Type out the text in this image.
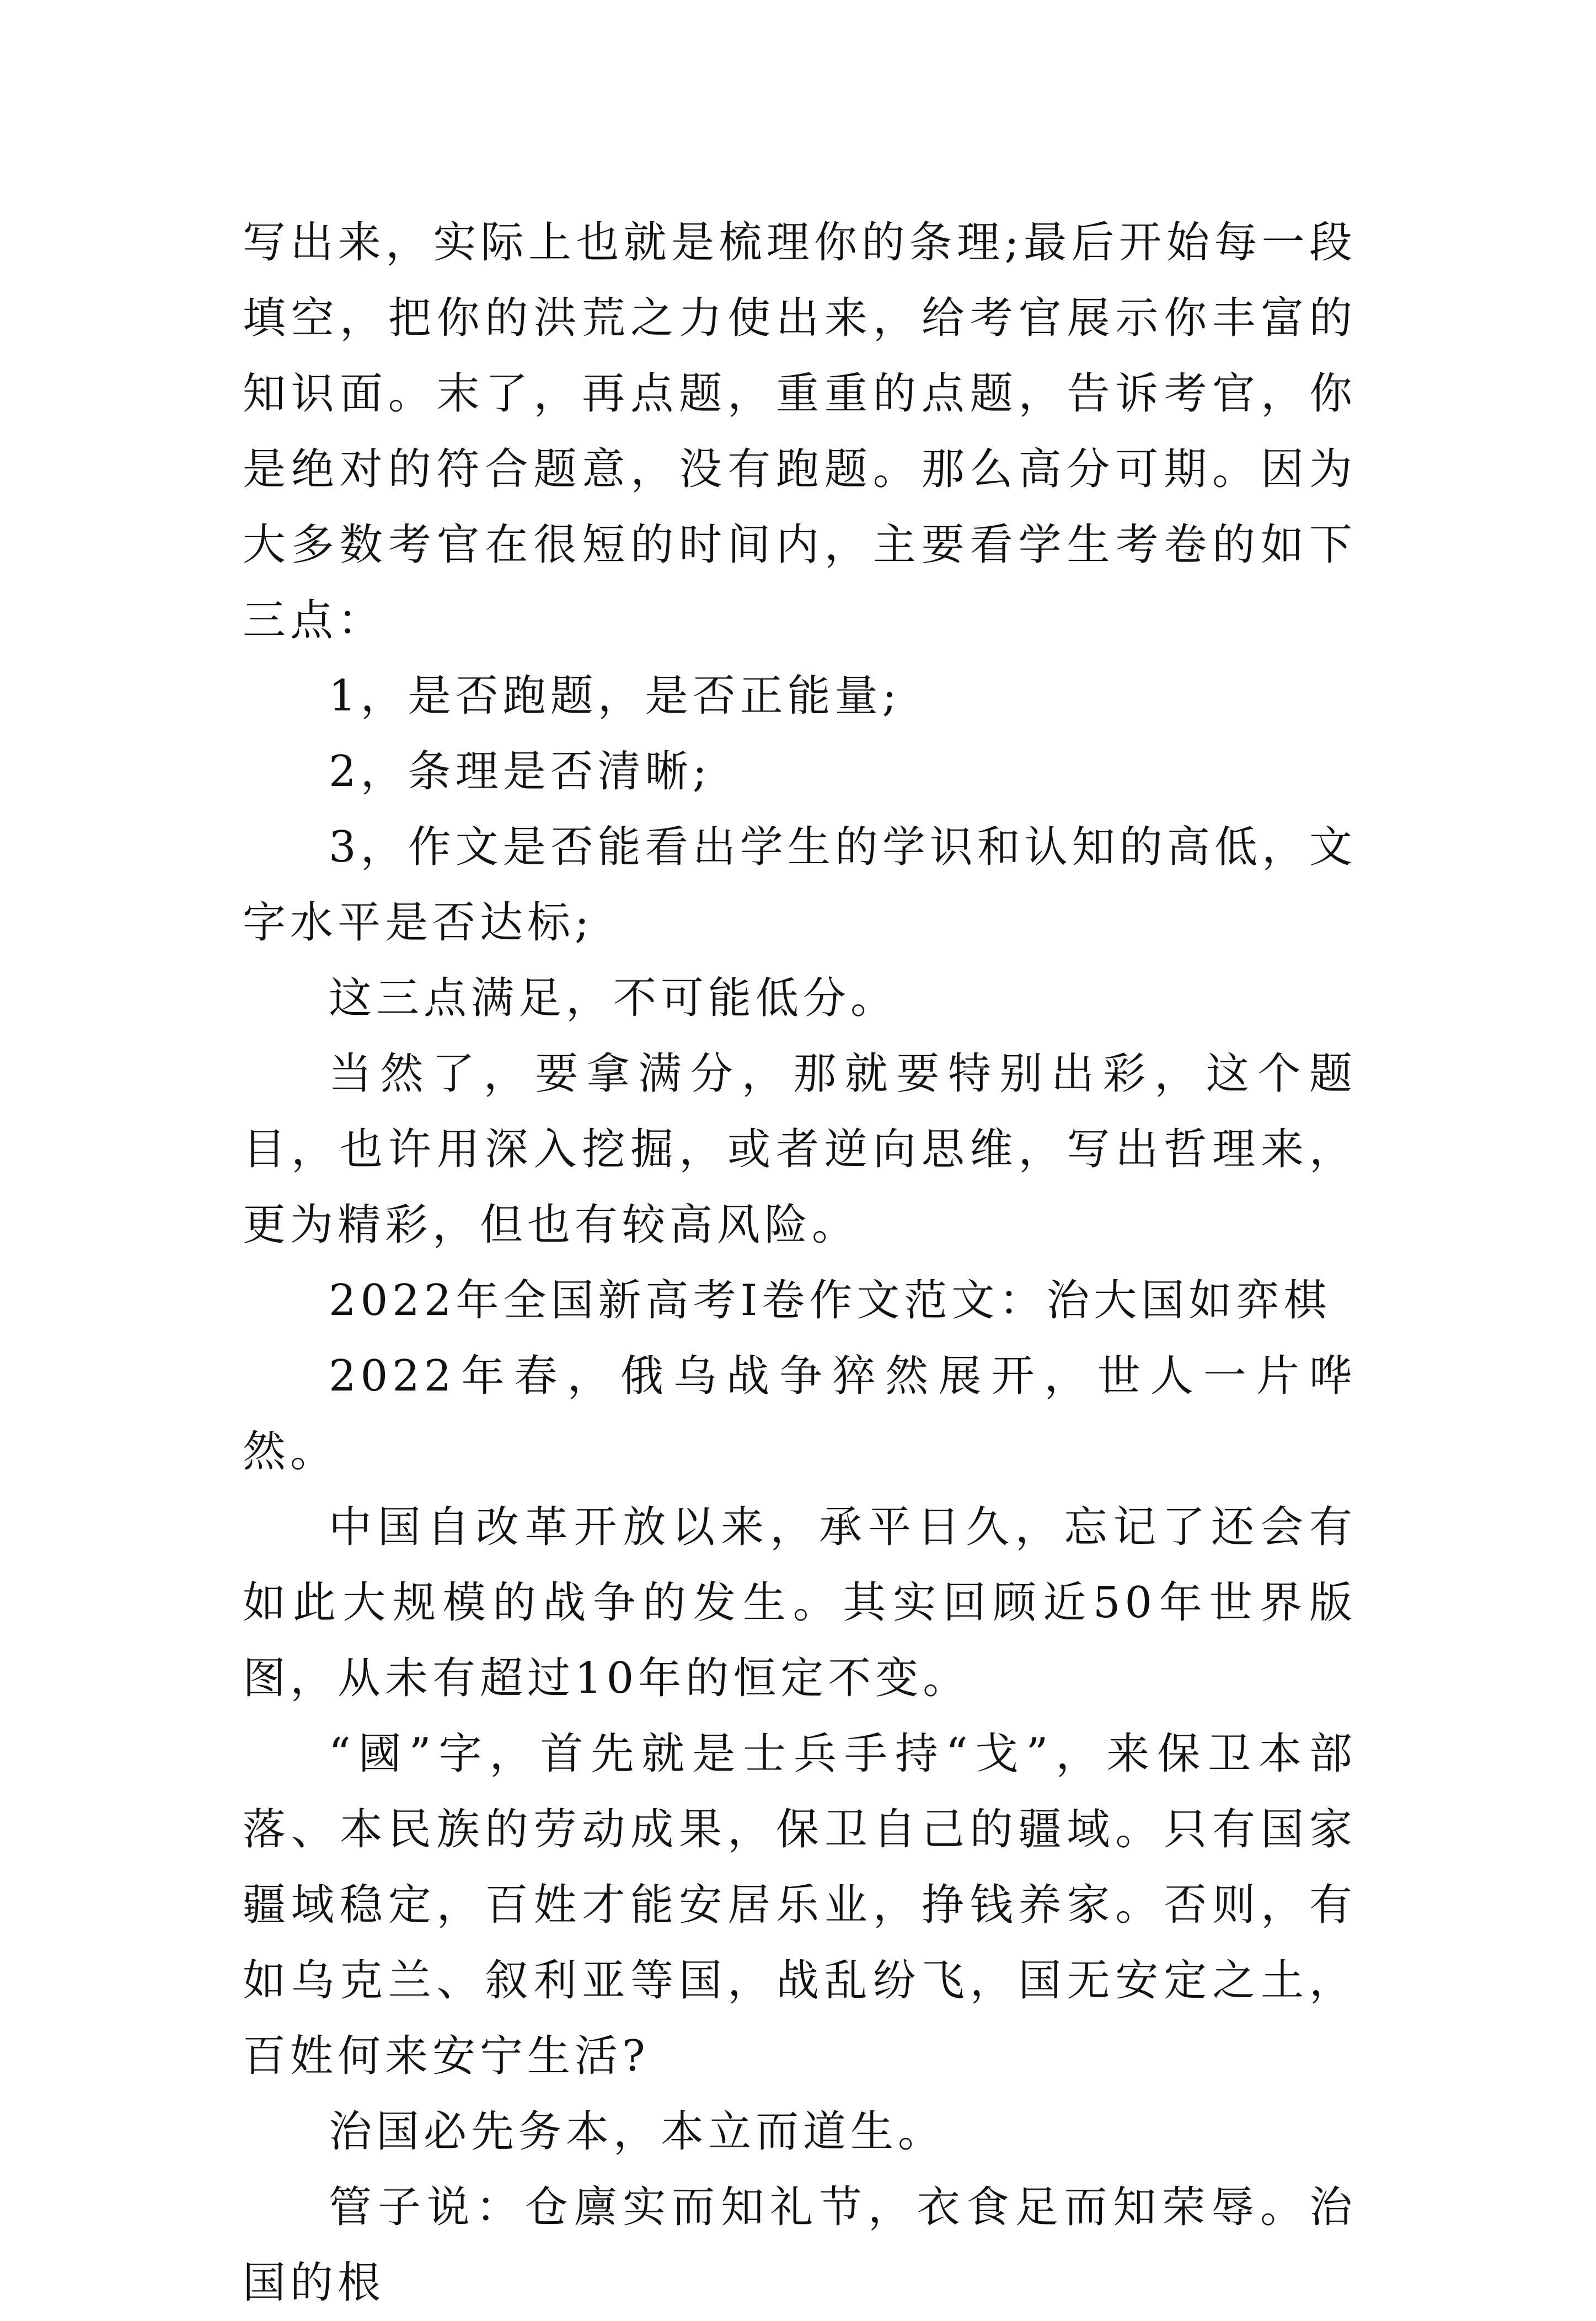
写出来，实际上也就是梳理你的条理;最后开始每一段填空，把你的洪荒之力使出来，给考官展示你丰富的知识面。末了，再点题，重重的点题，告诉考官，你是绝对的符合题意，没有跑题。那么高分可期。因为大多数考官在很短的时间内，主要看学生考卷的如下三点：

1，是否跑题，是否正能量;

2，条理是否清晰;

3，作文是否能看出学生的学识和认知的高低，文字水平是否达标;

这三点满足，不可能低分。

当然了，要拿满分，那就要特别出彩，这个题目，也许用深入挖掘，或者逆向思维，写出哲理来，更为精彩，但也有较高风险。

2022年全国新高考Ⅰ卷作文范文：治大国如弈棋

2022年春，俄乌战争猝然展开，世人一片哗然。

中国自改革开放以来，承平日久，忘记了还会有如此大规模的战争的发生。其实回顾近50年世界版图，从未有超过10年的恒定不变。

“國”字，首先就是士兵手持“戈”，来保卫本部落、本民族的劳动成果，保卫自己的疆域。只有国家疆域稳定，百姓才能安居乐业，挣钱养家。否则，有如乌克兰、叙利亚等国，战乱纷飞，国无安定之土，百姓何来安宁生活?

治国必先务本，本立而道生。

管子说：仓廪实而知礼节，衣食足而知荣辱。治国的根
